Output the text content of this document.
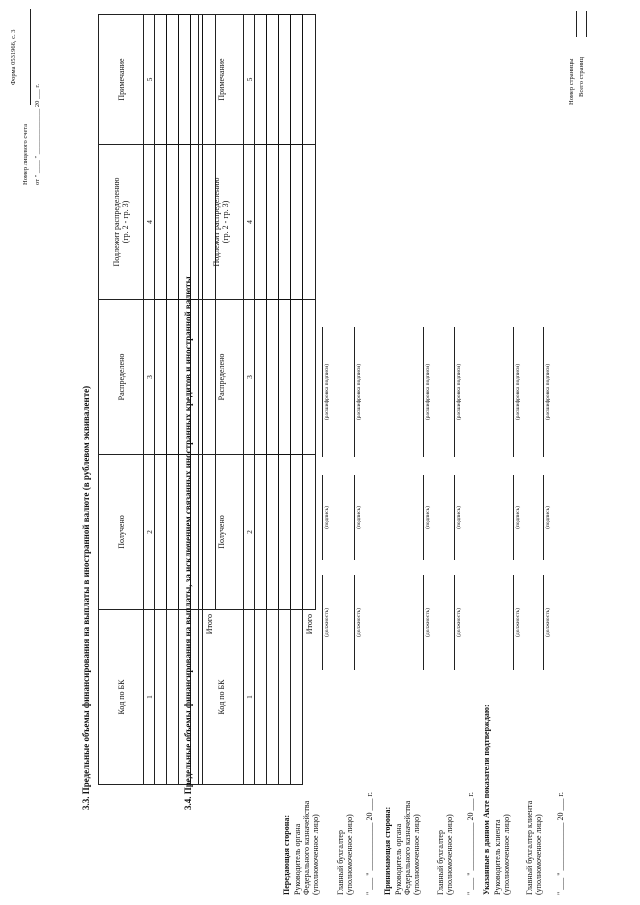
Форма 0531966, с. 3
Номер лицевого счета от " ____ " ______________ 20 ___ г.
3.3. Предельные объемы финансирования на выплаты в иностранной валюте (в рублевом эквиваленте)	Код по БК	Получено	Распределено	Подлежит распределению (гр. 2 - гр. 3)	Примечание
1	2	3	4	5

Итого				
3.4. Предельные объемы финансирования на выплаты, за исключением связанных иностранных кредитов и иностранной валюты	Код по БК	Получено	Распределено	Подлежит распределению (гр. 2 - гр. 3)	Примечание
1	2	3	4	5

Итого				
Передающая сторона: Руководитель органа Федерального казначейства (уполномоченное лицо)
(должность)
(подпись)
(расшифровка подписи)
Главный бухгалтер (уполномоченное лицо)
(должность)
(подпись)
(расшифровка подписи)
" ___ " ____________ 20 ___ г. Принимающая сторона: Руководитель органа Федерального казначейства (уполномоченное лицо)
(должность)
(подпись)
(расшифровка подписи)
Главный бухгалтер (уполномоченное лицо)
(должность)
(подпись)
(расшифровка подписи)
" ___ " ____________ 20 ___ г. Указанные в данном Акте показатели подтверждаю: Руководитель клиента (уполномоченное лицо)
(должность)
(подпись)
(расшифровка подписи)
Главный бухгалтер клиента (уполномоченное лицо)
(должность)
(подпись)
(расшифровка подписи)
" ___ " ____________ 20 ___ г.
Номер страницы Всего страниц
